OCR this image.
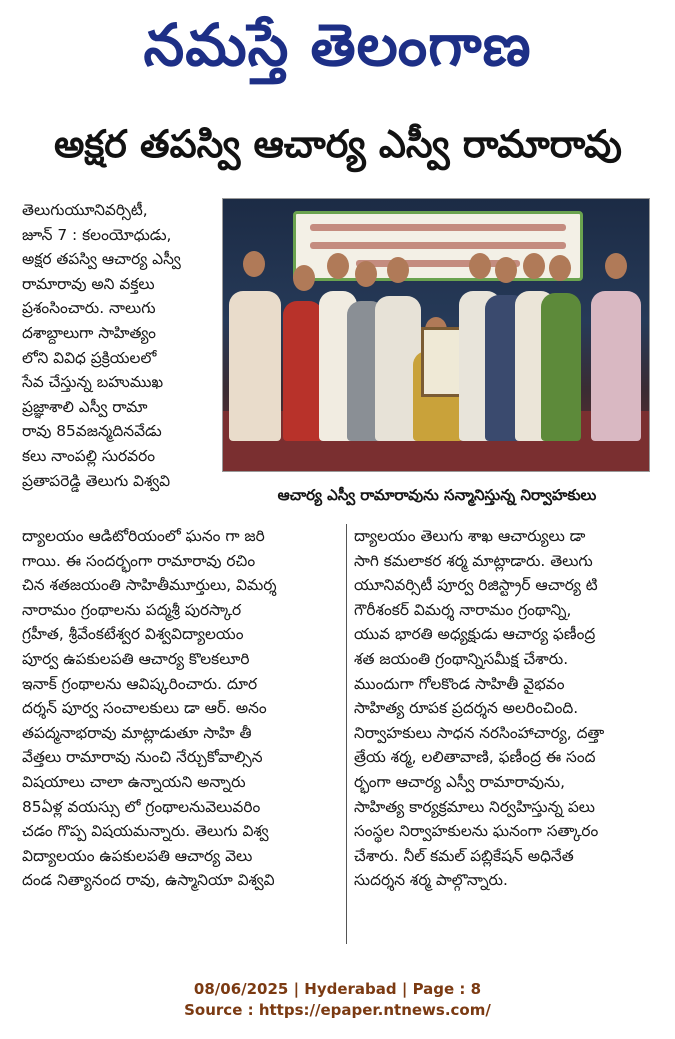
నమస్తే తెలంగాణ
అక్షర తపస్వి ఆచార్య ఎస్వీ రామారావు
తెలుగుయూనివర్సిటీ,
జూన్ 7 : కలంయోధుడు,
అక్షర తపస్వి ఆచార్య ఎస్వీ
రామారావు అని వక్తలు
ప్రశంసించారు. నాలుగు
దశాబ్దాలుగా సాహిత్యం
లోని వివిధ ప్రక్రియలలో
సేవ చేస్తున్న బహుముఖ
ప్రజ్ఞాశాలి ఎస్వీ రామా
రావు 85వజన్మదినవేడు
కలు నాంపల్లి సురవరం
ప్రతాపరెడ్డి తెలుగు విశ్వవి
ఆచార్య ఎస్వీ రామారావును సన్మానిస్తున్న నిర్వాహకులు
ద్యాలయం ఆడిటోరియంలో ఘనం గా జరి
గాయి. ఈ సందర్భంగా రామారావు రచిం
చిన శతజయంతి సాహితీమూర్తులు, విమర్శ
నారామం గ్రంథాలను పద్మశ్రీ పురస్కార
గ్రహీత, శ్రీవేంకటేశ్వర విశ్వవిద్యాలయం
పూర్వ ఉపకులపతి ఆచార్య కొలకలూరి
ఇనాక్ గ్రంథాలను ఆవిష్కరించారు. దూర
దర్శన్ పూర్వ సంచాలకులు డా ఆర్. అనం
తపద్మనాభరావు మాట్లాడుతూ సాహి తీ
వేత్తలు రామారావు నుంచి నేర్చుకోవాల్సిన
విషయాలు చాలా ఉన్నాయని అన్నారు
85ఏళ్ల వయస్సు లో గ్రంథాలనువెలువరిం
చడం గొప్ప విషయమన్నారు. తెలుగు విశ్వ
విద్యాలయం ఉపకులపతి ఆచార్య వెలు
దండ నిత్యానంద రావు, ఉస్మానియా విశ్వవి
ద్యాలయం తెలుగు శాఖ ఆచార్యులు డా
సాగి కమలాకర శర్మ మాట్లాడారు. తెలుగు
యూనివర్సిటీ పూర్వ రిజిస్ట్రార్ ఆచార్య టి
గౌరీశంకర్ విమర్శ నారామం గ్రంథాన్ని,
యువ భారతి అధ్యక్షుడు ఆచార్య ఫణీంద్ర
శత జయంతి గ్రంథాన్నిసమీక్ష చేశారు.
ముందుగా గోలకొండ సాహితీ వైభవం
సాహిత్య రూపక ప్రదర్శన అలరించింది.
నిర్వాహకులు సాధన నరసింహాచార్య, దత్తా
త్రేయ శర్మ, లలితావాణి, ఫణీంద్ర ఈ సంద
ర్భంగా ఆచార్య ఎస్వీ రామారావును,
సాహిత్య కార్యక్రమాలు నిర్వహిస్తున్న పలు
సంస్థల నిర్వాహకులను ఘనంగా సత్కారం
చేశారు. నీల్ కమల్ పబ్లికేషన్ అధినేత
సుదర్శన శర్మ పాల్గొన్నారు.
08/06/2025 | Hyderabad | Page : 8
Source : https://epaper.ntnews.com/
